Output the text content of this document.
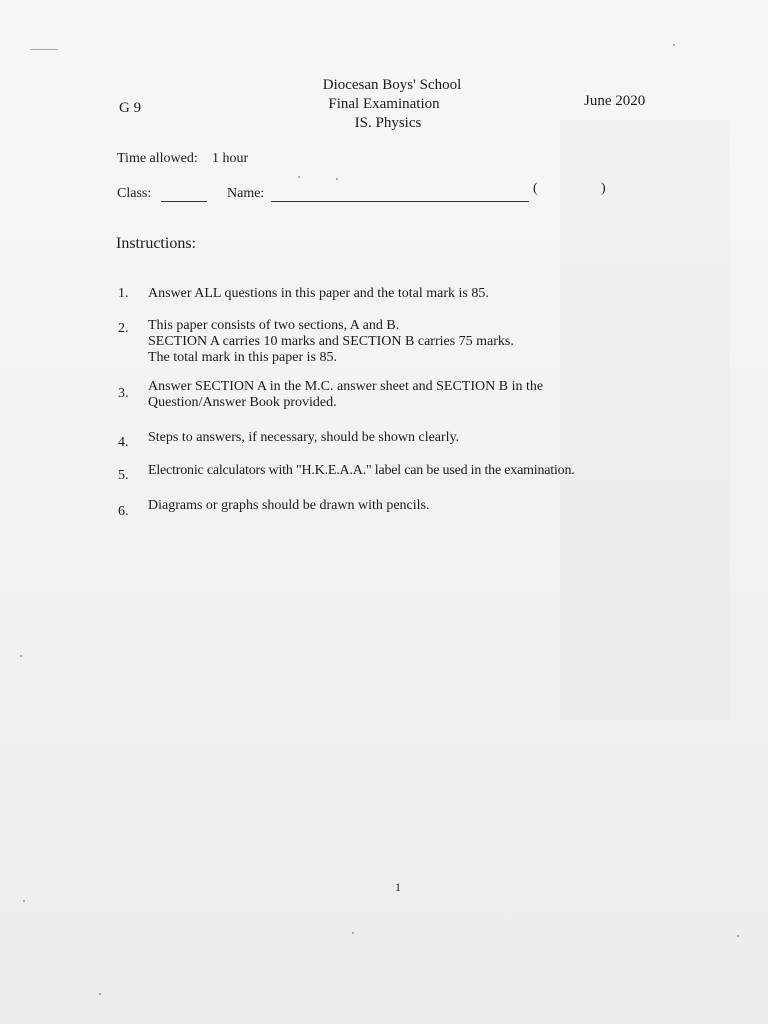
Diocesan Boys' School
Final Examination
IS. Physics
G 9	June 2020
Time allowed: 1 hour
Class:	Name:	(	)
Instructions:
1.	Answer ALL questions in this paper and the total mark is 85.
2.	This paper consists of two sections, A and B.
SECTION A carries 10 marks and SECTION B carries 75 marks.
The total mark in this paper is 85.
3.	Answer SECTION A in the M.C. answer sheet and SECTION B in the
Question/Answer Book provided.
4.	Steps to answers, if necessary, should be shown clearly.
5.	Electronic calculators with "H.K.E.A.A." label can be used in the examination.
6.	Diagrams or graphs should be drawn with pencils.
1
